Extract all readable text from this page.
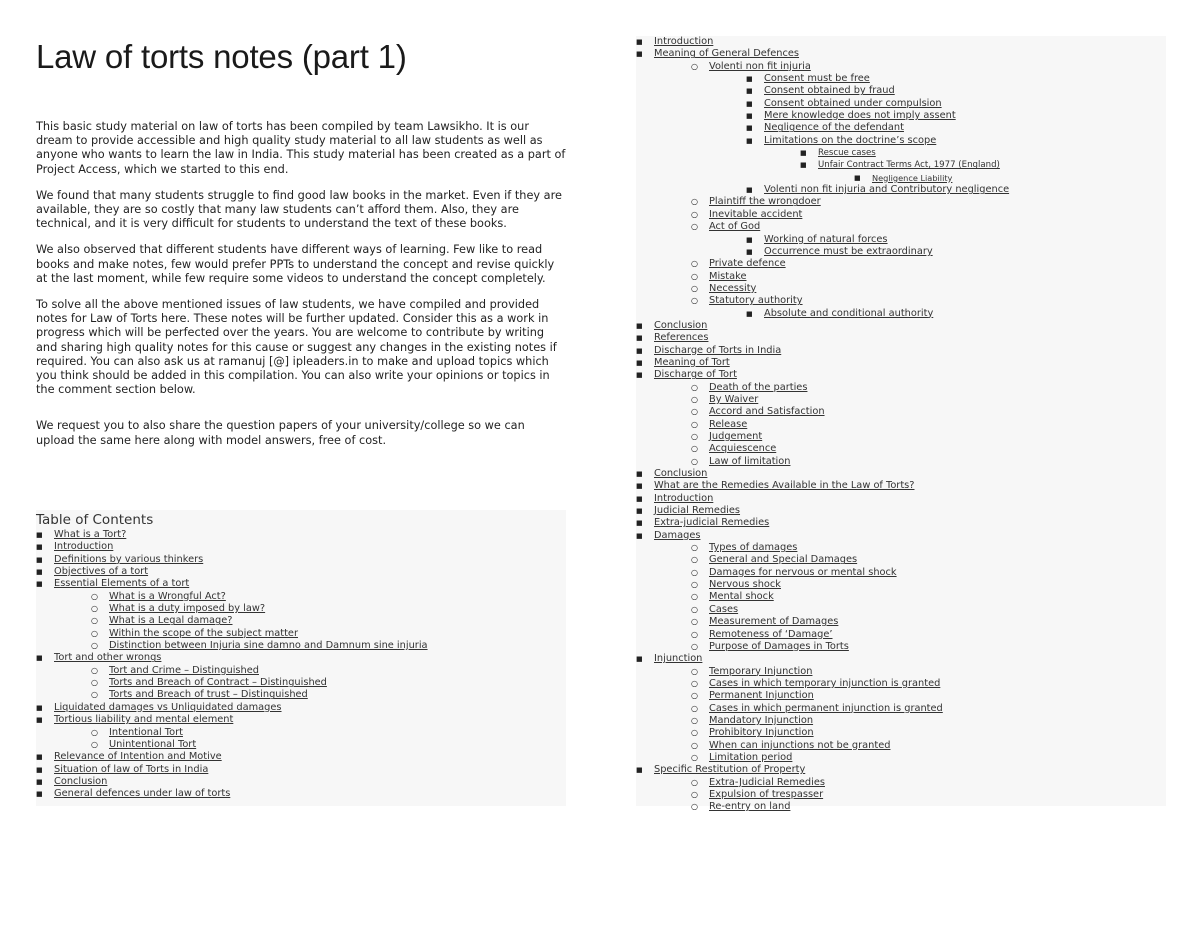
Law of torts notes (part 1)

This basic study material on law of torts has been compiled by team Lawsikho. It is our dream to provide accessible and high quality study material to all law students as well as anyone who wants to learn the law in India. This study material has been created as a part of Project Access, which we started to this end.

We found that many students struggle to find good law books in the market. Even if they are available, they are so costly that many law students can’t afford them. Also, they are technical, and it is very difficult for students to understand the text of these books.

We also observed that different students have different ways of learning. Few like to read books and make notes, few would prefer PPTs to understand the concept and revise quickly at the last moment, while few require some videos to understand the concept completely.

To solve all the above mentioned issues of law students, we have compiled and provided notes for Law of Torts here. These notes will be further updated. Consider this as a work in progress which will be perfected over the years. You are welcome to contribute by writing and sharing high quality notes for this cause or suggest any changes in the existing notes if required. You can also ask us at ramanuj [@] ipleaders.in to make and upload topics which you think should be added in this compilation. You can also write your opinions or topics in the comment section below.

We request you to also share the question papers of your university/college so we can upload the same here along with model answers, free of cost.

Table of Contents
■ What is a Tort?
■ Introduction
■ Definitions by various thinkers
■ Objectives of a tort
■ Essential Elements of a tort
○ What is a Wrongful Act?
○ What is a duty imposed by law?
○ What is a Legal damage?
○ Within the scope of the subject matter
○ Distinction between Injuria sine damno and Damnum sine injuria
■ Tort and other wrongs
○ Tort and Crime – Distinguished
○ Torts and Breach of Contract – Distinguished
○ Torts and Breach of trust – Distinguished
■ Liquidated damages vs Unliquidated damages
■ Tortious liability and mental element
○ Intentional Tort
○ Unintentional Tort
■ Relevance of Intention and Motive
■ Situation of law of Torts in India
■ Conclusion
■ General defences under law of torts
■ Introduction
■ Meaning of General Defences
○ Volenti non fit injuria
■ Consent must be free
■ Consent obtained by fraud
■ Consent obtained under compulsion
■ Mere knowledge does not imply assent
■ Negligence of the defendant
■ Limitations on the doctrine’s scope
■ Rescue cases
■ Unfair Contract Terms Act, 1977 (England)
■ Negligence Liability
■ Volenti non fit injuria and Contributory negligence
○ Plaintiff the wrongdoer
○ Inevitable accident
○ Act of God
■ Working of natural forces
■ Occurrence must be extraordinary
○ Private defence
○ Mistake
○ Necessity
○ Statutory authority
■ Absolute and conditional authority
■ Conclusion
■ References
■ Discharge of Torts in India
■ Meaning of Tort
■ Discharge of Tort
○ Death of the parties
○ By Waiver
○ Accord and Satisfaction
○ Release
○ Judgement
○ Acquiescence
○ Law of limitation
■ Conclusion
■ What are the Remedies Available in the Law of Torts?
■ Introduction
■ Judicial Remedies
■ Extra-judicial Remedies
■ Damages
○ Types of damages
○ General and Special Damages
○ Damages for nervous or mental shock
○ Nervous shock
○ Mental shock
○ Cases
○ Measurement of Damages
○ Remoteness of ‘Damage’
○ Purpose of Damages in Torts
■ Injunction
○ Temporary Injunction
○ Cases in which temporary injunction is granted
○ Permanent Injunction
○ Cases in which permanent injunction is granted
○ Mandatory Injunction
○ Prohibitory Injunction
○ When can injunctions not be granted
○ Limitation period
■ Specific Restitution of Property
○ Extra-Judicial Remedies
○ Expulsion of trespasser
○ Re-entry on land
